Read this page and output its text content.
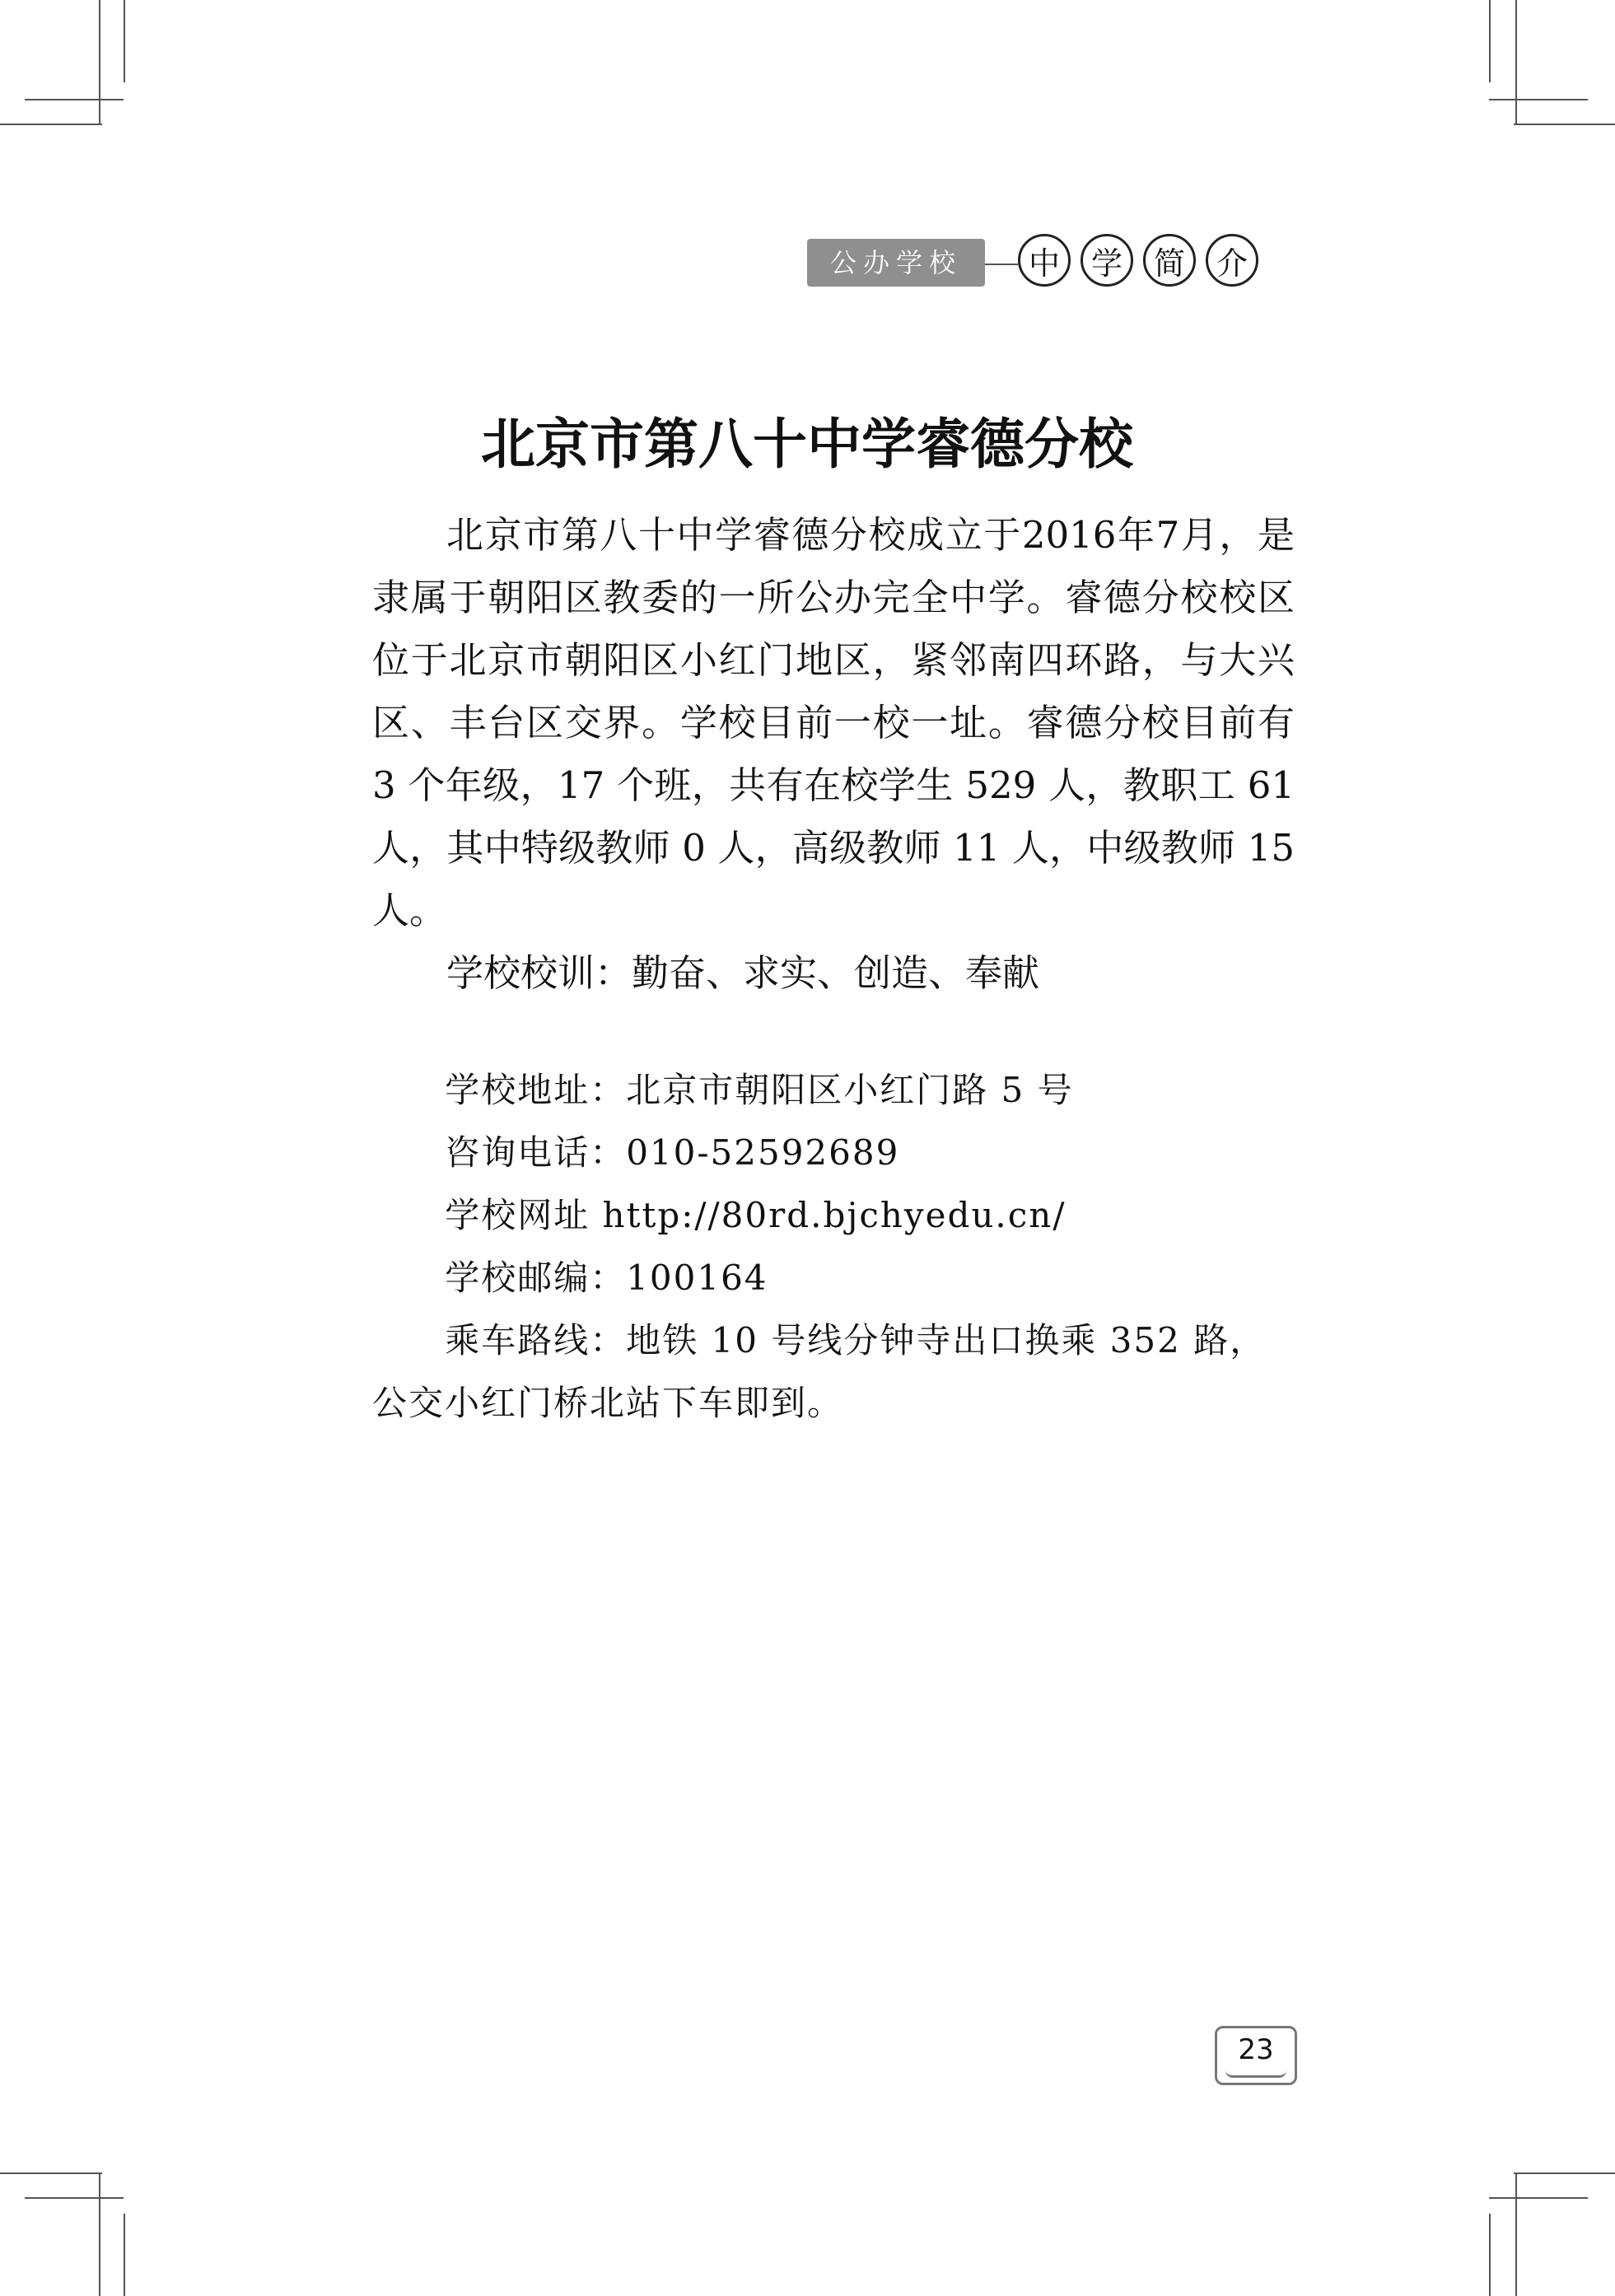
公办学校	中 学 简 介
北京市第八十中学睿德分校

北京市第八十中学睿德分校成立于2016年7月，是隶属于朝阳区教委的一所公办完全中学。睿德分校校区位于北京市朝阳区小红门地区，紧邻南四环路，与大兴区、丰台区交界。学校目前一校一址。睿德分校目前有 3 个年级，17 个班，共有在校学生 529 人，教职工 61 人，其中特级教师 0 人，高级教师 11 人，中级教师 15 人。

学校校训：勤奋、求实、创造、奉献

学校地址：北京市朝阳区小红门路 5 号

咨询电话：010-52592689

学校网址 http://80rd.bjchyedu.cn/

学校邮编：100164

乘车路线：地铁 10 号线分钟寺出口换乘 352 路，公交小红门桥北站下车即到。

23
